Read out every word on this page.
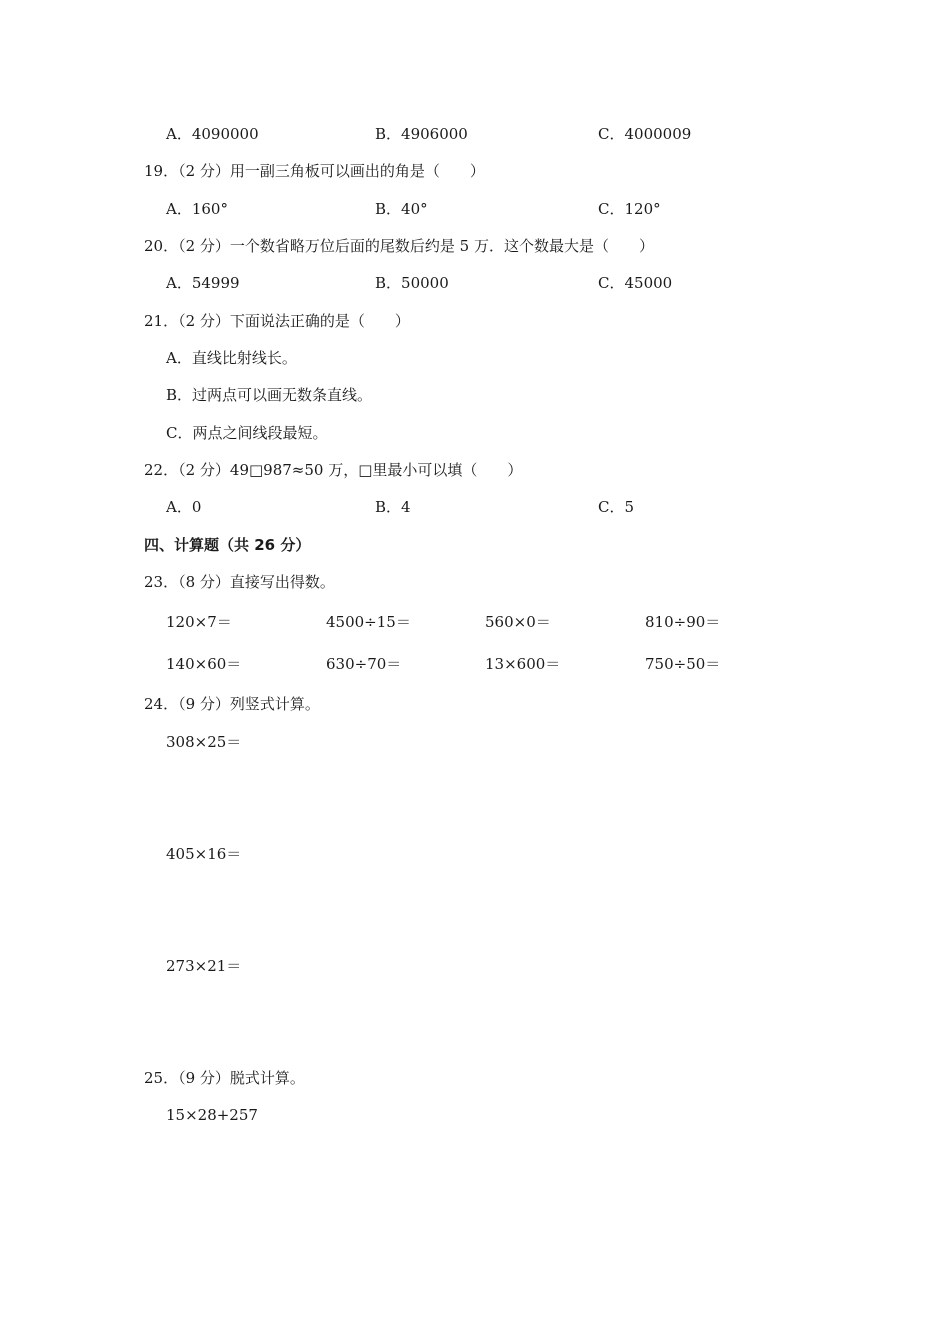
A．4090000	B．4906000	C．4000009
19．（2 分）用一副三角板可以画出的角是（　　）
A．160°	B．40°	C．120°
20．（2 分）一个数省略万位后面的尾数后约是 5 万．这个数最大是（　　）
A．54999	B．50000	C．45000
21．（2 分）下面说法正确的是（　　）
A．直线比射线长。
B．过两点可以画无数条直线。
C．两点之间线段最短。
22．（2 分）49□987≈50 万，□里最小可以填（　　）
A．0	B．4	C．5
四、计算题（共 26 分）
23．（8 分）直接写出得数。
120×7＝	4500÷15＝	560×0＝	810÷90＝
140×60＝	630÷70＝	13×600＝	750÷50＝
24．（9 分）列竖式计算。
308×25＝
405×16＝
273×21＝
25．（9 分）脱式计算。
15×28+257
